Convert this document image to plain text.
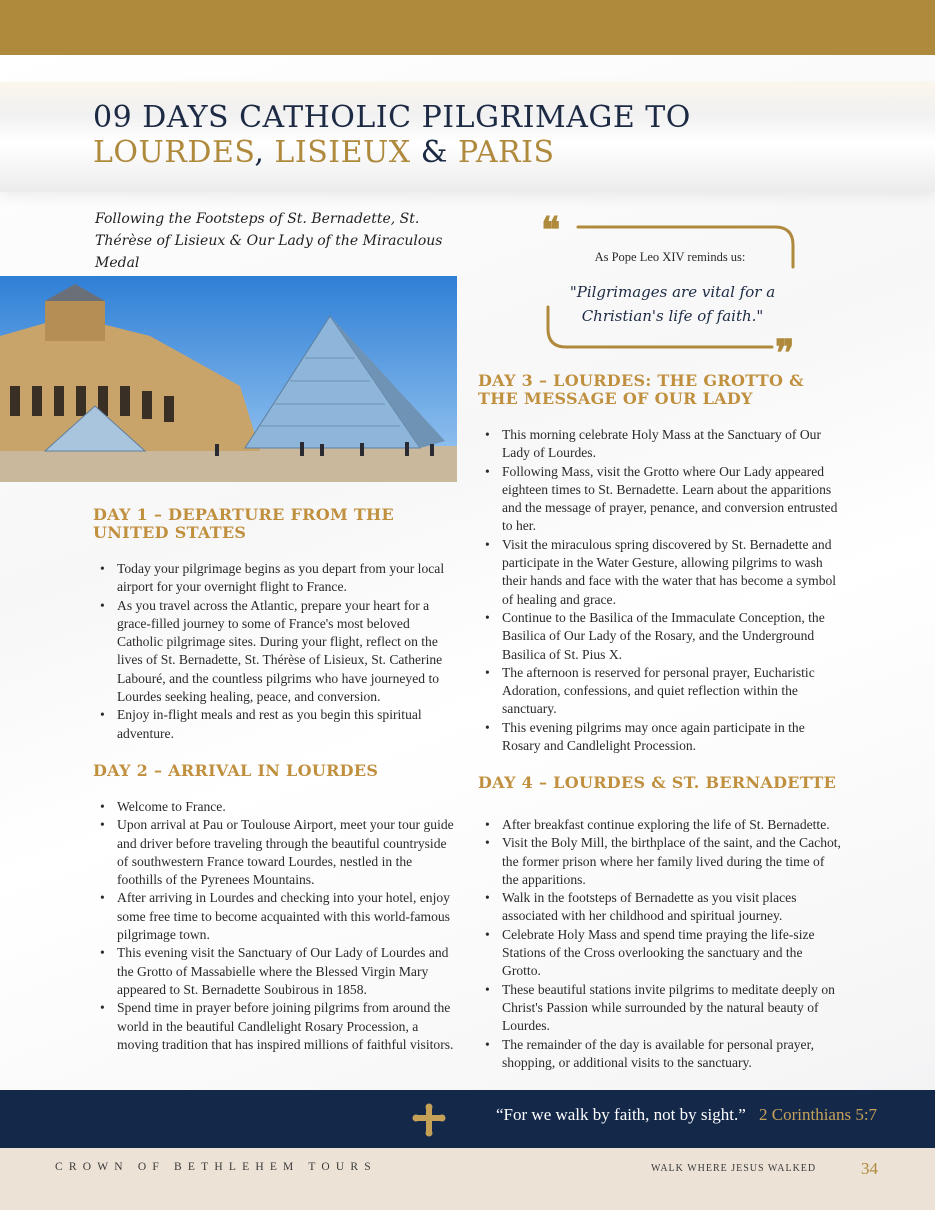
09 DAYS CATHOLIC PILGRIMAGE TO
LOURDES, LISIEUX & PARIS

Following the Footsteps of St. Bernadette, St. Thérèse of Lisieux & Our Lady of the Miraculous Medal

DAY 1 – DEPARTURE FROM THE UNITED STATES
• Today your pilgrimage begins as you depart from your local airport for your overnight flight to France.
• As you travel across the Atlantic, prepare your heart for a grace-filled journey to some of France's most beloved Catholic pilgrimage sites. During your flight, reflect on the lives of St. Bernadette, St. Thérèse of Lisieux, St. Catherine Labouré, and the countless pilgrims who have journeyed to Lourdes seeking healing, peace, and conversion.
• Enjoy in-flight meals and rest as you begin this spiritual adventure.
DAY 2 – ARRIVAL IN LOURDES
• Welcome to France.
• Upon arrival at Pau or Toulouse Airport, meet your tour guide and driver before traveling through the beautiful countryside of southwestern France toward Lourdes, nestled in the foothills of the Pyrenees Mountains.
• After arriving in Lourdes and checking into your hotel, enjoy some free time to become acquainted with this world-famous pilgrimage town.
• This evening visit the Sanctuary of Our Lady of Lourdes and the Grotto of Massabielle where the Blessed Virgin Mary appeared to St. Bernadette Soubirous in 1858.
• Spend time in prayer before joining pilgrims from around the world in the beautiful Candlelight Rosary Procession, a moving tradition that has inspired millions of faithful visitors.
❝
❞

As Pope Leo XIV reminds us:

"Pilgrimages are vital for a Christian's life of faith."

DAY 3 – LOURDES: THE GROTTO & THE MESSAGE OF OUR LADY
• This morning celebrate Holy Mass at the Sanctuary of Our Lady of Lourdes.
• Following Mass, visit the Grotto where Our Lady appeared eighteen times to St. Bernadette. Learn about the apparitions and the message of prayer, penance, and conversion entrusted to her.
• Visit the miraculous spring discovered by St. Bernadette and participate in the Water Gesture, allowing pilgrims to wash their hands and face with the water that has become a symbol of healing and grace.
• Continue to the Basilica of the Immaculate Conception, the Basilica of Our Lady of the Rosary, and the Underground Basilica of St. Pius X.
• The afternoon is reserved for personal prayer, Eucharistic Adoration, confessions, and quiet reflection within the sanctuary.
• This evening pilgrims may once again participate in the Rosary and Candlelight Procession.
DAY 4 – LOURDES & ST. BERNADETTE
• After breakfast continue exploring the life of St. Bernadette.
• Visit the Boly Mill, the birthplace of the saint, and the Cachot, the former prison where her family lived during the time of the apparitions.
• Walk in the footsteps of Bernadette as you visit places associated with her childhood and spiritual journey.
• Celebrate Holy Mass and spend time praying the life-size Stations of the Cross overlooking the sanctuary and the Grotto.
• These beautiful stations invite pilgrims to meditate deeply on Christ's Passion while surrounded by the natural beauty of Lourdes.
• The remainder of the day is available for personal prayer, shopping, or additional visits to the sanctuary.
“For we walk by faith, not by sight.” 2 Corinthians 5:7
CROWN OF BETHLEHEM TOURS	WALK WHERE JESUS WALKED	34
